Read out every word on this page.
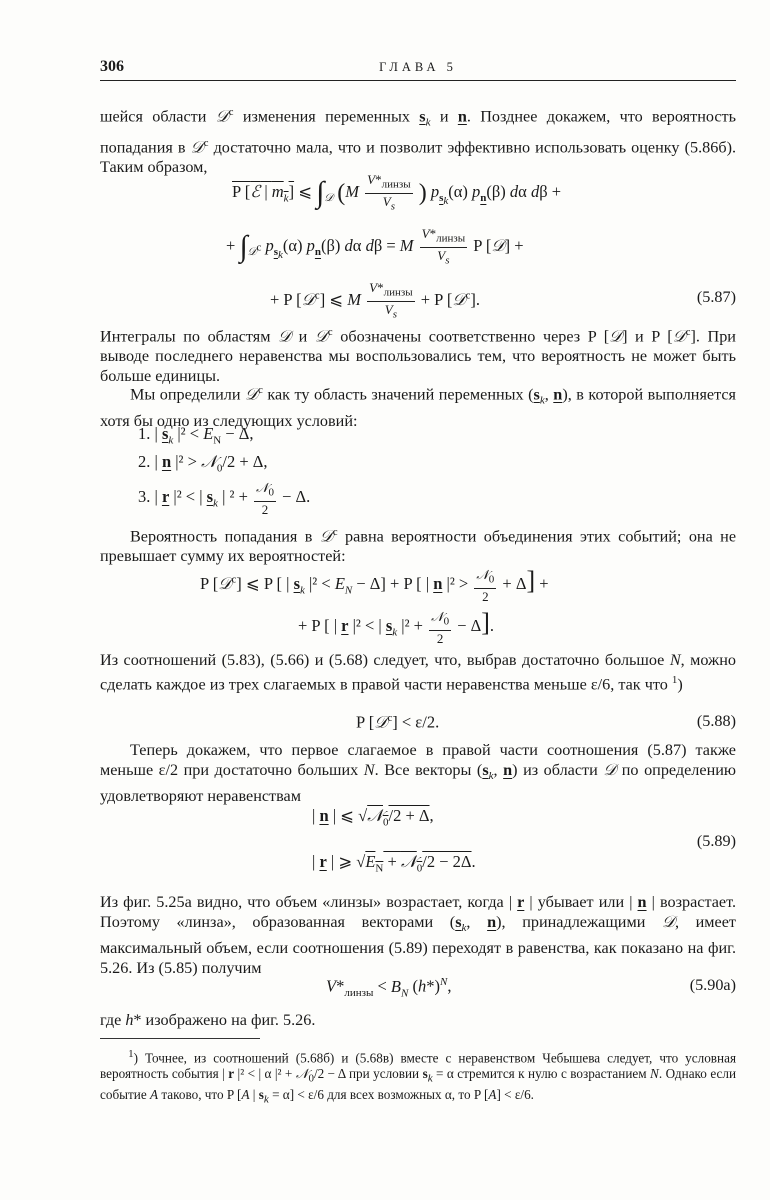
306	ГЛАВА 5
шейся области 𝒟$^c$ изменения переменных $s_k$ и n. Позднее докажем, что вероятность попадания в 𝒟$^c$ достаточно мала, что и позволит эффективно использовать оценку (5.86б). Таким образом,
P [ℰ | $m_k$] ⩽ $\int_𝒟$ ($M \frac{V*_{линзы}}{V_s}$ ) $p_{s_k}(\alpha)$ $p_n(\beta)$ dα dβ +
+ $\int_{𝒟^c}$ $p_{s_k}(\alpha)$ $p_n(\beta)$ dα dβ = M $\frac{V*_{линзы}}{V_s}$ P [𝒟] +
+ P [𝒟$^c$] ⩽ M $\frac{V*_{линзы}}{V_s} + P$ [𝒟$^c$].	(5.87)
Интегралы по областям 𝒟 и 𝒟$^c$ обозначены соответственно через P [𝒟] и P [𝒟$^c$]. При выводе последнего неравенства мы воспользовались тем, что вероятность не может быть больше единицы.
Мы определили 𝒟$^c$ как ту область значений переменных ($s_k$, n), в которой выполняется хотя бы одно из следующих условий:
1. | $s_k$ $|^2 < E_N - \Delta$,
2. | n |² > 𝒩$_0$/2 + Δ,
3. | r |² < | $s_k$ | $^2 + \frac{𝒩_0}{2} - \Delta$.
Вероятность попадания в 𝒟$^c$ равна вероятности объединения этих событий; она не превышает сумму их вероятностей:
P [𝒟$^c$] ⩽ P [ | $s_k$ $|^2 < E_N - \Delta] + P$ [ | n $|^2 > \frac{𝒩_0}{2} + \Delta$] +
+ P [ | r |² < | $s_k$ $|^2 + \frac{𝒩_0}{2} - \Delta$].
Из соотношений (5.83), (5.66) и (5.68) следует, что, выбрав достаточно большое N, можно сделать каждое из трех слагаемых в правой части неравенства меньше ε/6, так что $^1$)
P [𝒟$^c$] < ε/2.	(5.88)
Теперь докажем, что первое слагаемое в правой части соотношения (5.87) также меньше ε/2 при достаточно больших N. Все векторы ($s_k$, n) из области 𝒟 по определению удовлетворяют неравенствам
| n | ⩽ √𝒩$_0$/2 + Δ,
| r | ⩾ $√E_N$ + 𝒩$_0$/2 − 2Δ.
(5.89)
Из фиг. 5.25а видно, что объем «линзы» возрастает, когда | r | убывает или | n | возрастает. Поэтому «линза», образованная векторами ($s_k$, n), принадлежащими 𝒟, имеет максимальный объем, если соотношения (5.89) переходят в равенства, как показано на фиг. 5.26. Из (5.85) получим
$V*_{линзы} < B_N$ $(h*)^N$,	(5.90а)
где h* изображено на фиг. 5.26.
$^1$) Точнее, из соотношений (5.68б) и (5.68в) вместе с неравенством Чебышева следует, что условная вероятность события | r |² < | α |² + 𝒩$_0$/2 − Δ при условии $s_k = \alpha$ стремится к нулю с возрастанием N. Однако если событие A таково, что P [A | $s_k = \alpha] < \varepsilon/6$ для всех возможных α, то P [A] < ε/6.
